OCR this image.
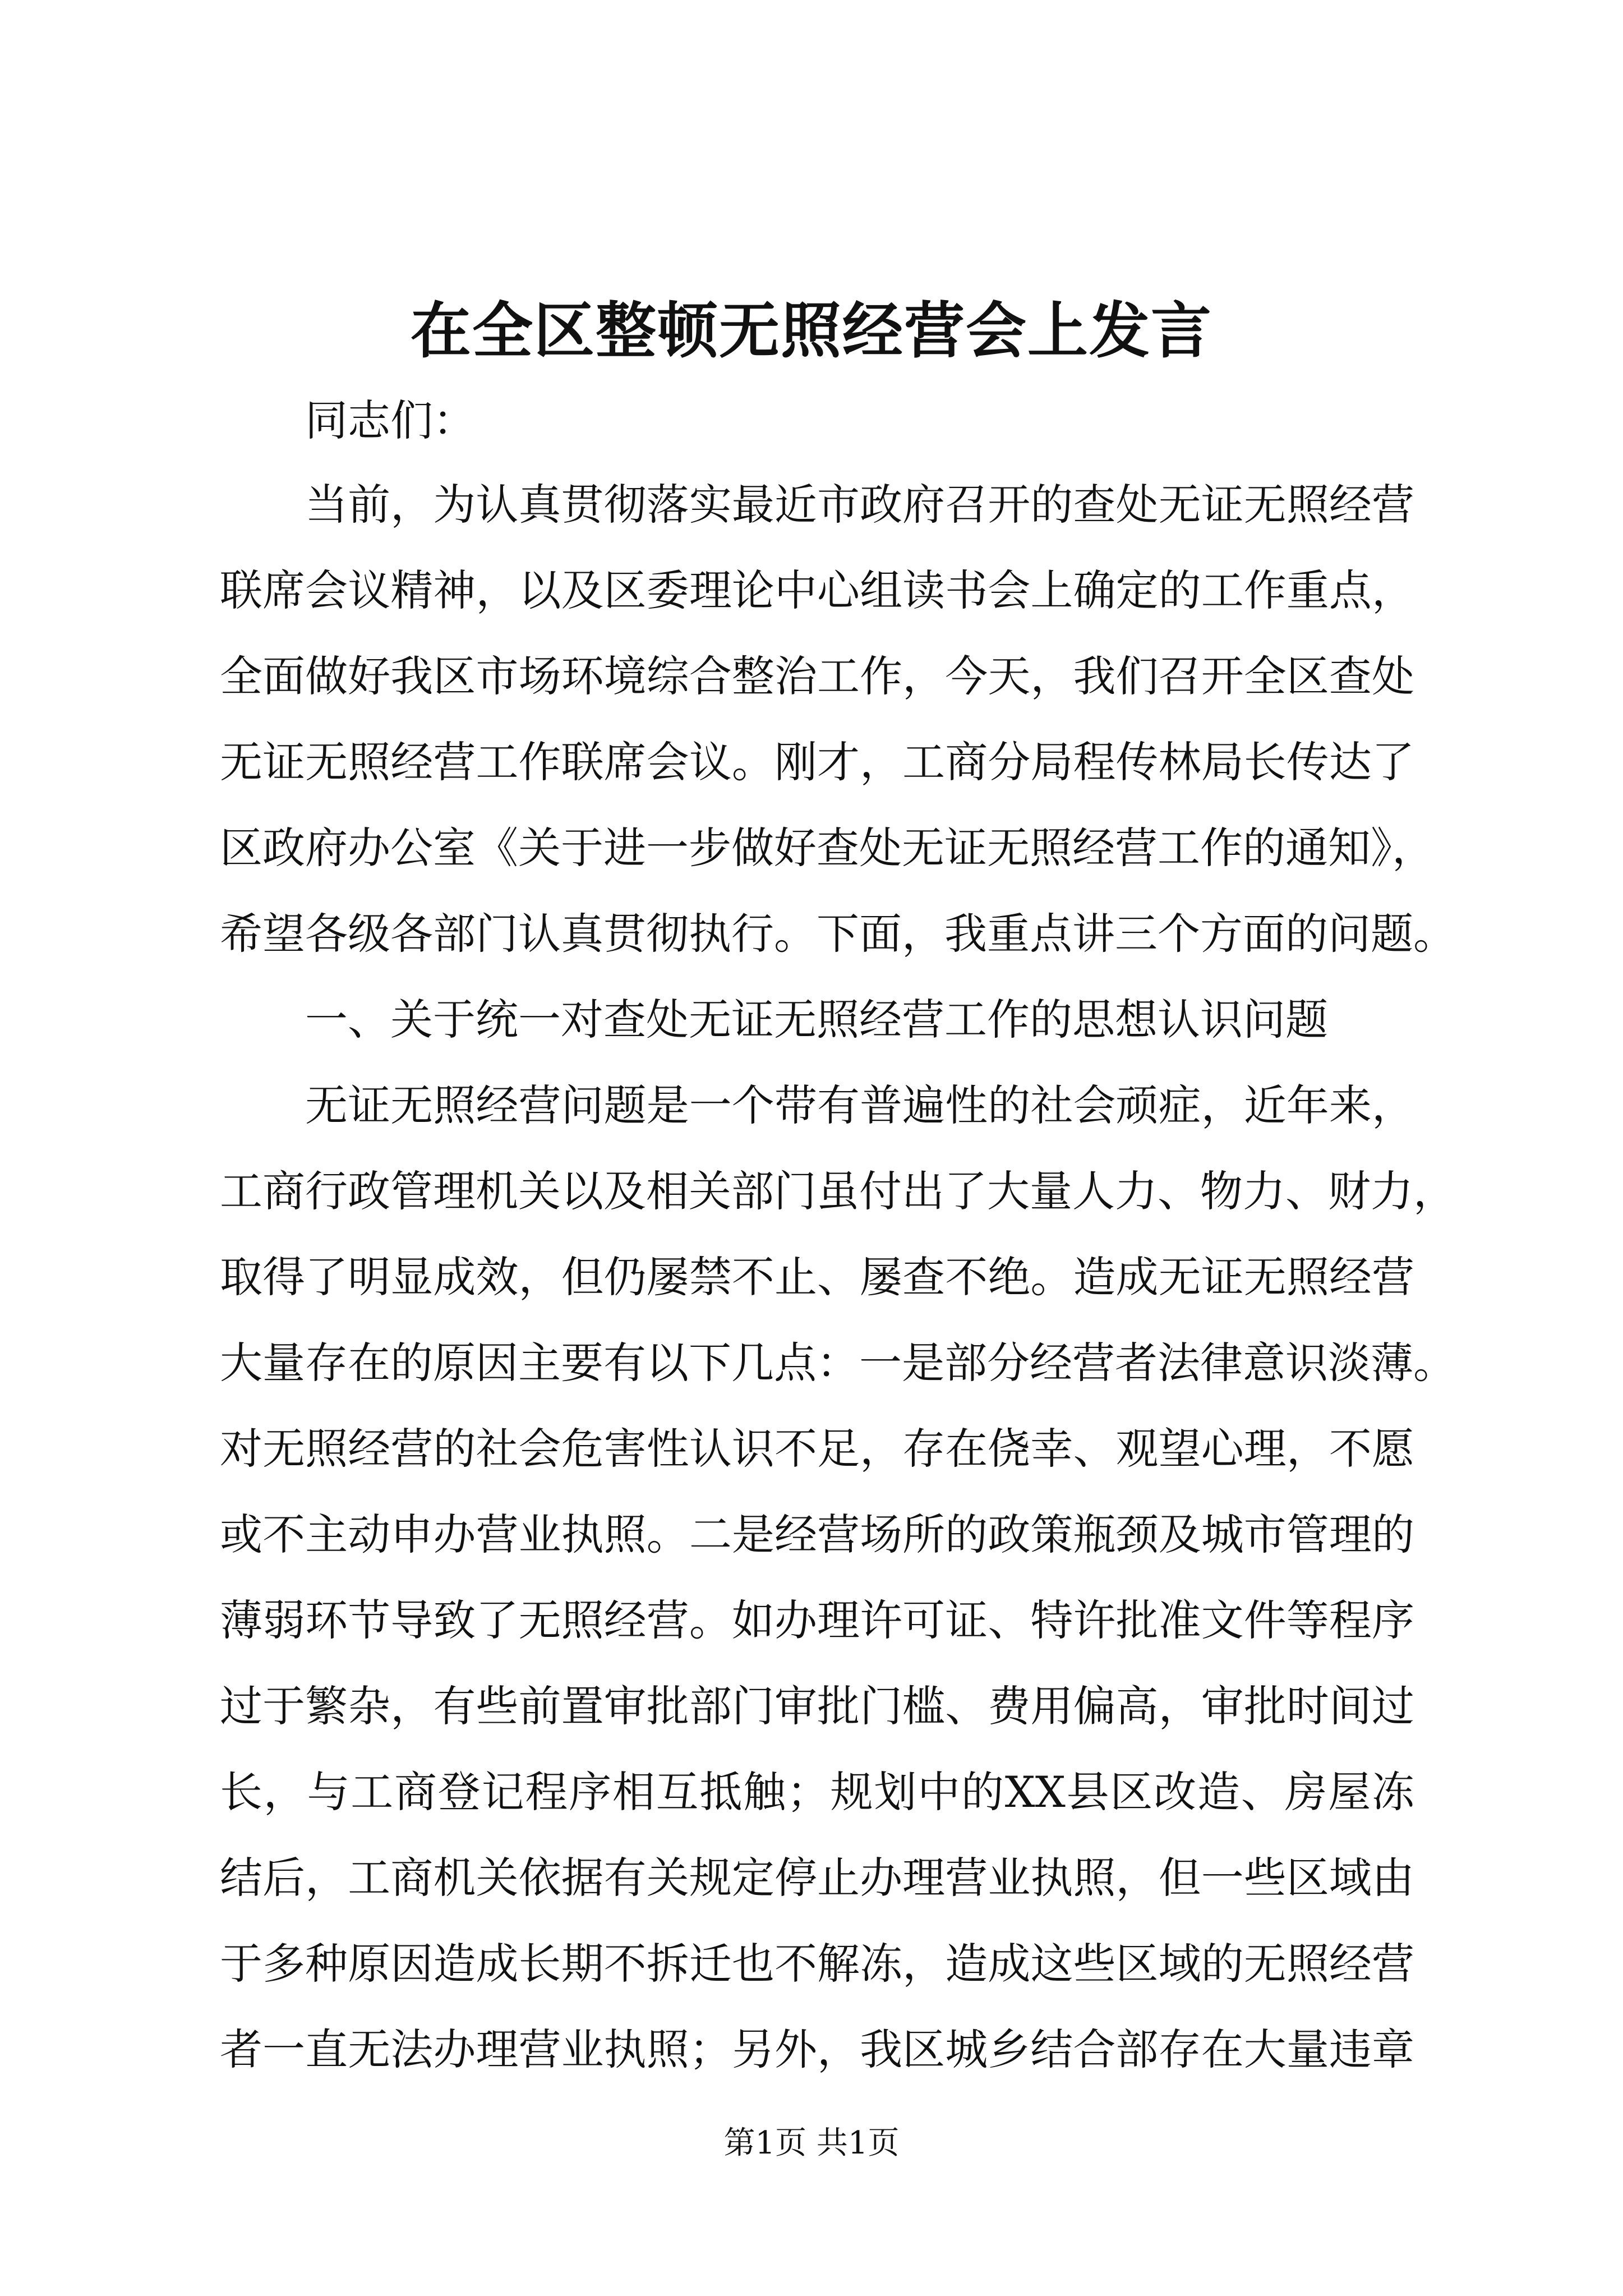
在全区整顿无照经营会上发言
同志们：
当前，为认真贯彻落实最近市政府召开的查处无证无照经营
联席会议精神，以及区委理论中心组读书会上确定的工作重点，
全面做好我区市场环境综合整治工作，今天，我们召开全区查处
无证无照经营工作联席会议。刚才，工商分局程传林局长传达了
区政府办公室《关于进一步做好查处无证无照经营工作的通知》，
希望各级各部门认真贯彻执行。下面，我重点讲三个方面的问题。
一、关于统一对查处无证无照经营工作的思想认识问题
无证无照经营问题是一个带有普遍性的社会顽症，近年来，
工商行政管理机关以及相关部门虽付出了大量人力、物力、财力，
取得了明显成效，但仍屡禁不止、屡查不绝。造成无证无照经营
大量存在的原因主要有以下几点：一是部分经营者法律意识淡薄。
对无照经营的社会危害性认识不足，存在侥幸、观望心理，不愿
或不主动申办营业执照。二是经营场所的政策瓶颈及城市管理的
薄弱环节导致了无照经营。如办理许可证、特许批准文件等程序
过于繁杂，有些前置审批部门审批门槛、费用偏高，审批时间过
长，与工商登记程序相互抵触；规划中的XX县区改造、房屋冻
结后，工商机关依据有关规定停止办理营业执照，但一些区域由
于多种原因造成长期不拆迁也不解冻，造成这些区域的无照经营
者一直无法办理营业执照；另外，我区城乡结合部存在大量违章
第1页 共1页
